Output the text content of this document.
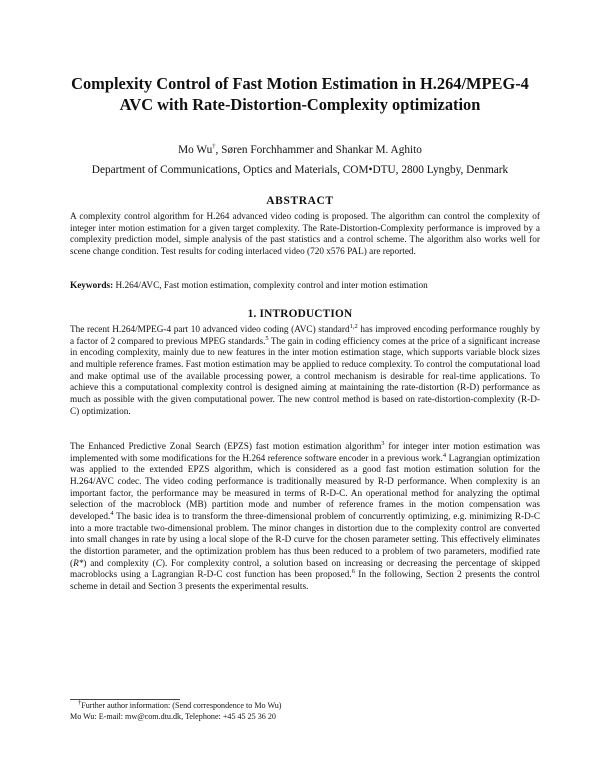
Complexity Control of Fast Motion Estimation in H.264/MPEG-4 AVC with Rate-Distortion-Complexity optimization
Mo Wu†, Søren Forchhammer and Shankar M. Aghito
Department of Communications, Optics and Materials, COM•DTU, 2800 Lyngby, Denmark
ABSTRACT

A complexity control algorithm for H.264 advanced video coding is proposed. The algorithm can control the complexity of integer inter motion estimation for a given target complexity. The Rate-Distortion-Complexity performance is improved by a complexity prediction model, simple analysis of the past statistics and a control scheme. The algorithm also works well for scene change condition. Test results for coding interlaced video (720 x576 PAL) are reported.

Keywords: H.264/AVC, Fast motion estimation, complexity control and inter motion estimation
1. INTRODUCTION

The recent H.264/MPEG-4 part 10 advanced video coding (AVC) standard$^{1,2}$ has improved encoding performance roughly by a factor of 2 compared to previous MPEG standards.$^5$ The gain in coding efficiency comes at the price of a significant increase in encoding complexity, mainly due to new features in the inter motion estimation stage, which supports variable block sizes and multiple reference frames. Fast motion estimation may be applied to reduce complexity. To control the computational load and make optimal use of the available processing power, a control mechanism is desirable for real-time applications. To achieve this a computational complexity control is designed aiming at maintaining the rate-distortion (R-D) performance as much as possible with the given computational power. The new control method is based on rate-distortion-complexity (R-D-C) optimization.

The Enhanced Predictive Zonal Search (EPZS) fast motion estimation algorithm$^3$ for integer inter motion estimation was implemented with some modifications for the H.264 reference software encoder in a previous work.$^4$ Lagrangian optimization was applied to the extended EPZS algorithm, which is considered as a good fast motion estimation solution for the H.264/AVC codec. The video coding performance is traditionally measured by R-D performance. When complexity is an important factor, the performance may be measured in terms of R-D-C. An operational method for analyzing the optimal selection of the macroblock (MB) partition mode and number of reference frames in the motion compensation was developed.$^4$ The basic idea is to transform the three-dimensional problem of concurrently optimizing, e.g. minimizing R-D-C into a more tractable two-dimensional problem. The minor changes in distortion due to the complexity control are converted into small changes in rate by using a local slope of the R-D curve for the chosen parameter setting. This effectively eliminates the distortion parameter, and the optimization problem has thus been reduced to a problem of two parameters, modified rate (R*) and complexity (C). For complexity control, a solution based on increasing or decreasing the percentage of skipped macroblocks using a Lagrangian R-D-C cost function has been proposed.$^6$ In the following, Section 2 presents the control scheme in detail and Section 3 presents the experimental results.

†Further author information: (Send correspondence to Mo Wu)
Mo Wu: E-mail: mw@com.dtu.dk, Telephone: +45 45 25 36 20
